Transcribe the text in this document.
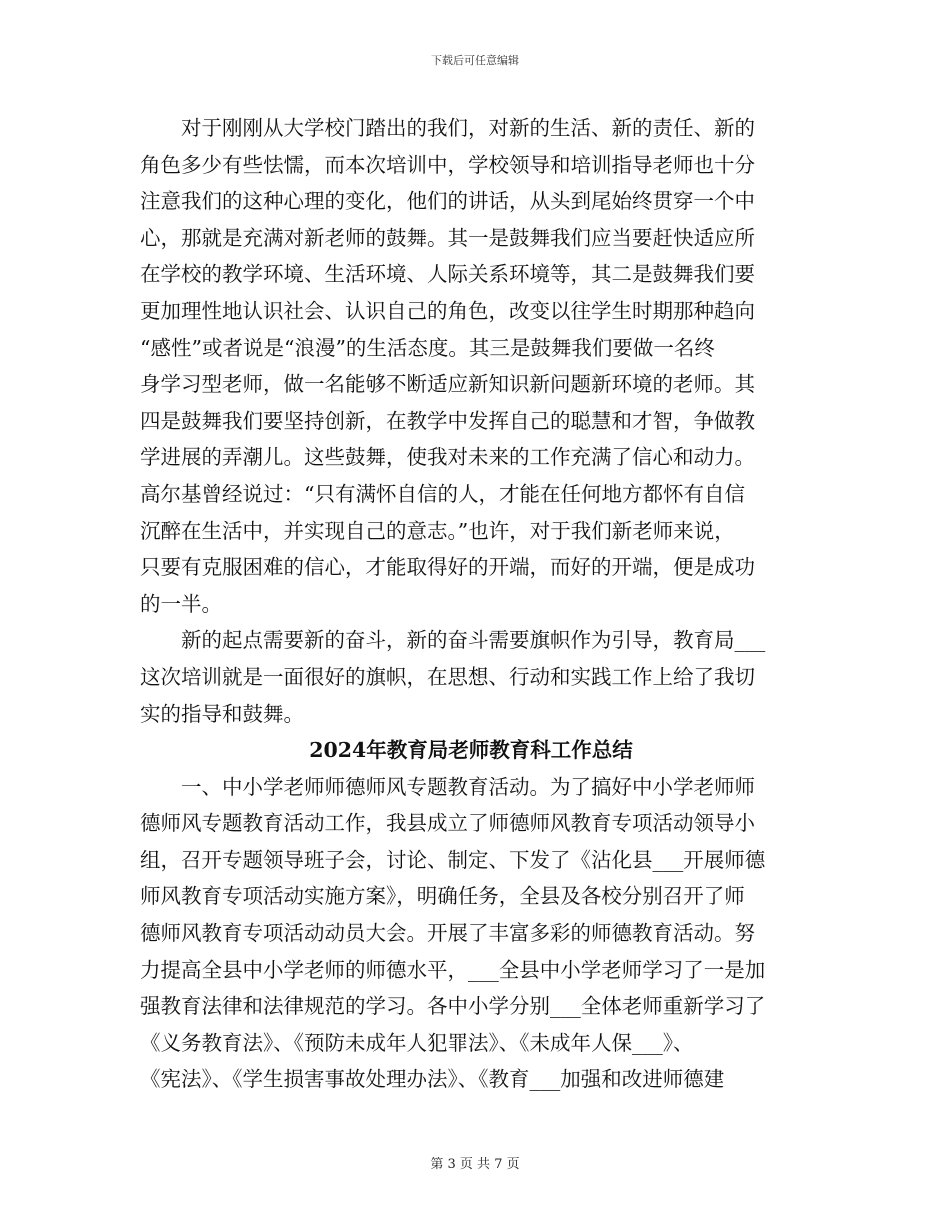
下载后可任意编辑
　　对于刚刚从大学校门踏出的我们，对新的生活、新的责任、新的
角色多少有些怯懦，而本次培训中，学校领导和培训指导老师也十分
注意我们的这种心理的变化，他们的讲话，从头到尾始终贯穿一个中
心，那就是充满对新老师的鼓舞。其一是鼓舞我们应当要赶快适应所
在学校的教学环境、生活环境、人际关系环境等，其二是鼓舞我们要
更加理性地认识社会、认识自己的角色，改变以往学生时期那种趋向
“感性”或者说是“浪漫”的生活态度。其三是鼓舞我们要做一名终
身学习型老师，做一名能够不断适应新知识新问题新环境的老师。其
四是鼓舞我们要坚持创新，在教学中发挥自己的聪慧和才智，争做教
学进展的弄潮儿。这些鼓舞，使我对未来的工作充满了信心和动力。
高尔基曾经说过：“只有满怀自信的人，才能在任何地方都怀有自信
沉醉在生活中，并实现自己的意志。”也许，对于我们新老师来说，
只要有克服困难的信心，才能取得好的开端，而好的开端，便是成功
的一半。
　　新的起点需要新的奋斗，新的奋斗需要旗帜作为引导，教育局___
这次培训就是一面很好的旗帜，在思想、行动和实践工作上给了我切
实的指导和鼓舞。
2024年教育局老师教育科工作总结
　　一、中小学老师师德师风专题教育活动。为了搞好中小学老师师
德师风专题教育活动工作，我县成立了师德师风教育专项活动领导小
组，召开专题领导班子会，讨论、制定、下发了《沾化县___开展师德
师风教育专项活动实施方案》，明确任务，全县及各校分别召开了师
德师风教育专项活动动员大会。开展了丰富多彩的师德教育活动。努
力提高全县中小学老师的师德水平，___全县中小学老师学习了一是加
强教育法律和法律规范的学习。各中小学分别___全体老师重新学习了
《义务教育法》、《预防未成年人犯罪法》、《未成年人保___》、
《宪法》、《学生损害事故处理办法》、《教育___加强和改进师德建
第 3 页 共 7 页
